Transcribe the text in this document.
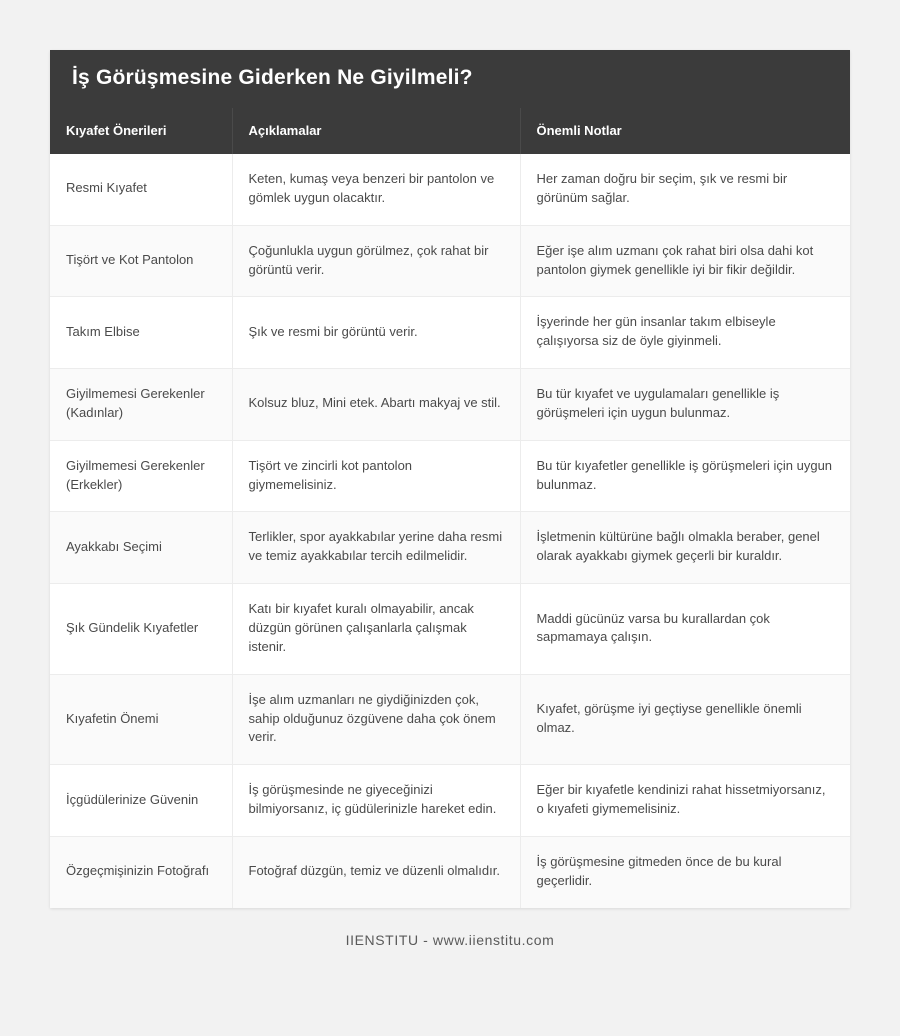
İş Görüşmesine Giderken Ne Giyilmeli?
Kıyafet Önerileri	Açıklamalar	Önemli Notlar
Resmi Kıyafet	Keten, kumaş veya benzeri bir pantolon ve gömlek uygun olacaktır.	Her zaman doğru bir seçim, şık ve resmi bir görünüm sağlar.
Tişört ve Kot Pantolon	Çoğunlukla uygun görülmez, çok rahat bir görüntü verir.	Eğer işe alım uzmanı çok rahat biri olsa dahi kot pantolon giymek genellikle iyi bir fikir değildir.
Takım Elbise	Şık ve resmi bir görüntü verir.	İşyerinde her gün insanlar takım elbiseyle çalışıyorsa siz de öyle giyinmeli.
Giyilmemesi Gerekenler (Kadınlar)	Kolsuz bluz, Mini etek. Abartı makyaj ve stil.	Bu tür kıyafet ve uygulamaları genellikle iş görüşmeleri için uygun bulunmaz.
Giyilmemesi Gerekenler (Erkekler)	Tişört ve zincirli kot pantolon giymemelisiniz.	Bu tür kıyafetler genellikle iş görüşmeleri için uygun bulunmaz.
Ayakkabı Seçimi	Terlikler, spor ayakkabılar yerine daha resmi ve temiz ayakkabılar tercih edilmelidir.	İşletmenin kültürüne bağlı olmakla beraber, genel olarak ayakkabı giymek geçerli bir kuraldır.
Şık Gündelik Kıyafetler	Katı bir kıyafet kuralı olmayabilir, ancak düzgün görünen çalışanlarla çalışmak istenir.	Maddi gücünüz varsa bu kurallardan çok sapmamaya çalışın.
Kıyafetin Önemi	İşe alım uzmanları ne giydiğinizden çok, sahip olduğunuz özgüvene daha çok önem verir.	Kıyafet, görüşme iyi geçtiyse genellikle önemli olmaz.
İçgüdülerinize Güvenin	İş görüşmesinde ne giyeceğinizi bilmiyorsanız, iç güdülerinizle hareket edin.	Eğer bir kıyafetle kendinizi rahat hissetmiyorsanız, o kıyafeti giymemelisiniz.
Özgeçmişinizin Fotoğrafı	Fotoğraf düzgün, temiz ve düzenli olmalıdır.	İş görüşmesine gitmeden önce de bu kural geçerlidir.
IIENSTITU - www.iienstitu.com
